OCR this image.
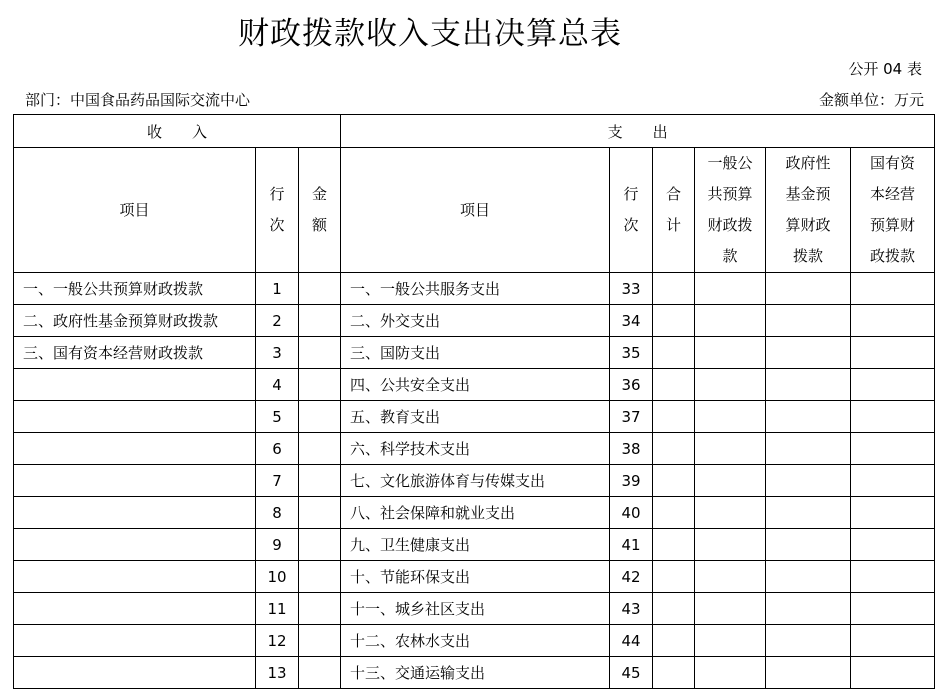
财政拨款收入支出决算总表
公开 04 表
部门：中国食品药品国际交流中心	金额单位：万元
收　　入			支　　出					
项目	行次	金额	项目	行次	合计	一般公共预算财政拨款	政府性基金预算财政拨款	国有资本经营预算财政拨款
一、一般公共预算财政拨款	1		一、一般公共服务支出	33				
二、政府性基金预算财政拨款	2		二、外交支出	34				
三、国有资本经营财政拨款	3		三、国防支出	35				
	4		四、公共安全支出	36				
	5		五、教育支出	37				
	6		六、科学技术支出	38				
	7		七、文化旅游体育与传媒支出	39				
	8		八、社会保障和就业支出	40				
	9		九、卫生健康支出	41				
	10		十、节能环保支出	42				
	11		十一、城乡社区支出	43				
	12		十二、农林水支出	44				
	13		十三、交通运输支出	45				
